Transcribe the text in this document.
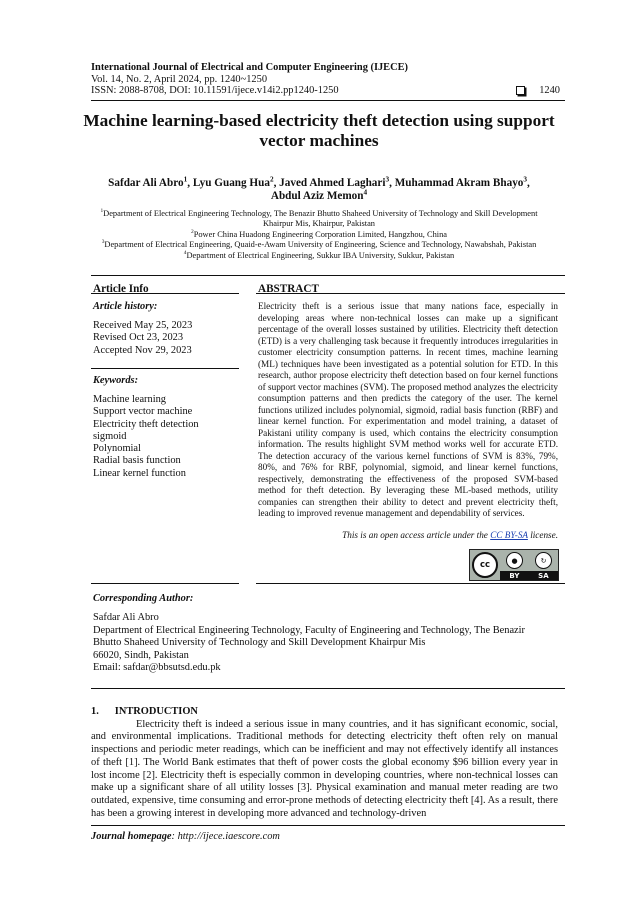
International Journal of Electrical and Computer Engineering (IJECE)
Vol. 14, No. 2, April 2024, pp. 1240~1250
ISSN: 2088-8708, DOI: 10.11591/ijece.v14i2.pp1240-1250	1240
Machine learning-based electricity theft detection using support vector machines
Safdar Ali Abro$^1$, Lyu Guang Hua$^2$, Javed Ahmed Laghari$^3$, Muhammad Akram Bhayo$^3$,
Abdul Aziz Memon$^4$
$^1$Department of Electrical Engineering Technology, The Benazir Bhutto Shaheed University of Technology and Skill Development Khairpur Mis, Khairpur, Pakistan
$^2$Power China Huadong Engineering Corporation Limited, Hangzhou, China
$^3$Department of Electrical Engineering, Quaid-e-Awam University of Engineering, Science and Technology, Nawabshah, Pakistan
$^4$Department of Electrical Engineering, Sukkur IBA University, Sukkur, Pakistan
Article Info	ABSTRACT
Article history:
Received May 25, 2023
Revised Oct 23, 2023
Accepted Nov 29, 2023
Keywords:
Machine learning
Support vector machine
Electricity theft detection
sigmoid
Polynomial
Radial basis function
Linear kernel function
Electricity theft is a serious issue that many nations face, especially in developing areas where non-technical losses can make up a significant percentage of the overall losses sustained by utilities. Electricity theft detection (ETD) is a very challenging task because it frequently introduces irregularities in customer electricity consumption patterns. In recent times, machine learning (ML) techniques have been investigated as a potential solution for ETD. In this research, author propose electricity theft detection based on four kernel functions of support vector machines (SVM). The proposed method analyzes the electricity consumption patterns and then predicts the category of the user. The kernel functions utilized includes polynomial, sigmoid, radial basis function (RBF) and linear kernel function. For experimentation and model training, a dataset of Pakistani utility company is used, which contains the electricity consumption information. The results highlight SVM method works well for accurate ETD. The detection accuracy of the various kernel functions of SVM is 83%, 79%, 80%, and 76% for RBF, polynomial, sigmoid, and linear kernel functions, respectively, demonstrating the effectiveness of the proposed SVM-based method for theft detection. By leveraging these ML-based methods, utility companies can strengthen their ability to detect and prevent electricity theft, leading to improved revenue management and dependability of services.
This is an open access article under the CC BY-SA license.
cc	●	↻
BY	SA
Corresponding Author:
Safdar Ali Abro
Department of Electrical Engineering Technology, Faculty of Engineering and Technology, The Benazir
Bhutto Shaheed University of Technology and Skill Development Khairpur Mis
66020, Sindh, Pakistan
Email: safdar@bbsutsd.edu.pk
1. INTRODUCTION

Electricity theft is indeed a serious issue in many countries, and it has significant economic, social, and environmental implications. Traditional methods for detecting electricity theft often rely on manual inspections and periodic meter readings, which can be inefficient and may not effectively identify all instances of theft [1]. The World Bank estimates that theft of power costs the global economy $96 billion every year in lost income [2]. Electricity theft is especially common in developing countries, where non-technical losses can make up a significant share of all utility losses [3]. Physical examination and manual meter reading are two outdated, expensive, time consuming and error-prone methods of detecting electricity theft [4]. As a result, there has been a growing interest in developing more advanced and technology-driven

Journal homepage: http://ijece.iaescore.com
